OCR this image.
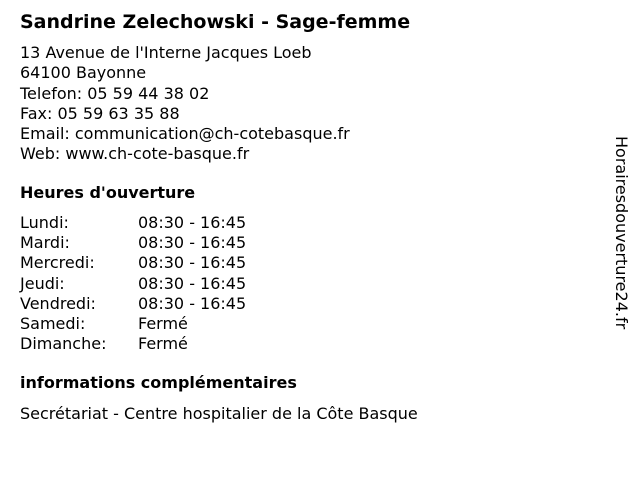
Sandrine Zelechowski - Sage-femme
13 Avenue de l'Interne Jacques Loeb
64100 Bayonne
Telefon: 05 59 44 38 02
Fax: 05 59 63 35 88
Email: communication@ch-cotebasque.fr
Web: www.ch-cote-basque.fr
Heures d'ouverture
Lundi:	08:30 - 16:45
Mardi:	08:30 - 16:45
Mercredi:	08:30 - 16:45
Jeudi:	08:30 - 16:45
Vendredi:	08:30 - 16:45
Samedi:	Fermé
Dimanche: Fermé
informations complémentaires
Secrétariat - Centre hospitalier de la Côte Basque
Horairesdouverture24.fr
